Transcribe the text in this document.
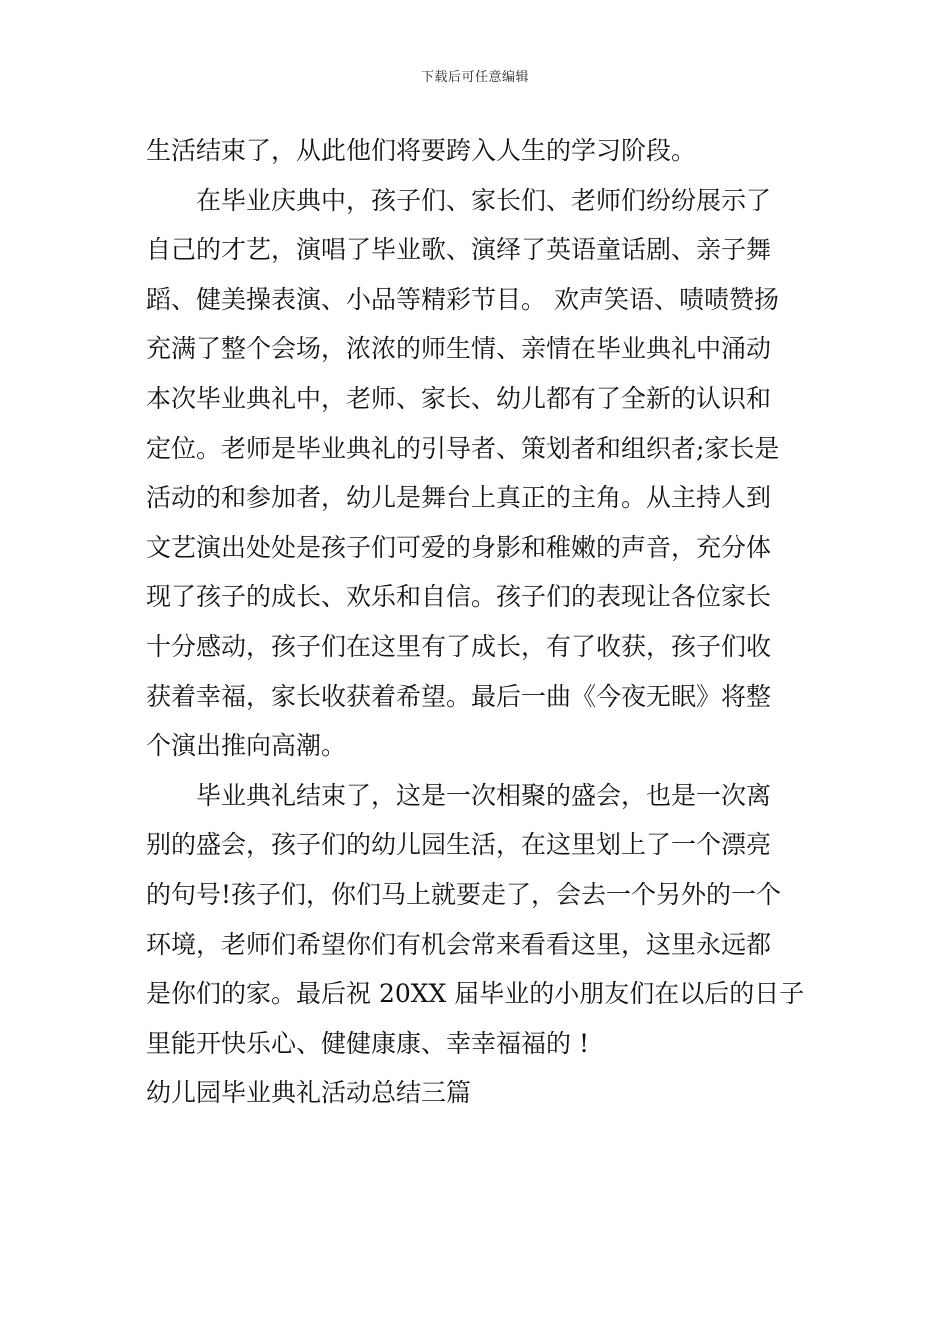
下载后可任意编辑
生活结束了，从此他们将要跨入人生的学习阶段。
在毕业庆典中，孩子们、家长们、老师们纷纷展示了
自己的才艺，演唱了毕业歌、演绎了英语童话剧、亲子舞
蹈、健美操表演、小品等精彩节目。 欢声笑语、啧啧赞扬
充满了整个会场，浓浓的师生情、亲情在毕业典礼中涌动
本次毕业典礼中，老师、家长、幼儿都有了全新的认识和
定位。老师是毕业典礼的引导者、策划者和组织者;家长是
活动的和参加者，幼儿是舞台上真正的主角。从主持人到
文艺演出处处是孩子们可爱的身影和稚嫩的声音，充分体
现了孩子的成长、欢乐和自信。孩子们的表现让各位家长
十分感动，孩子们在这里有了成长，有了收获，孩子们收
获着幸福，家长收获着希望。最后一曲《今夜无眠》将整
个演出推向高潮。
毕业典礼结束了，这是一次相聚的盛会，也是一次离
别的盛会，孩子们的幼儿园生活，在这里划上了一个漂亮
的句号!孩子们，你们马上就要走了，会去一个另外的一个
环境，老师们希望你们有机会常来看看这里，这里永远都
是你们的家。最后祝 20XX 届毕业的小朋友们在以后的日子
里能开快乐心、健健康康、幸幸福福的 !
幼儿园毕业典礼活动总结三篇
